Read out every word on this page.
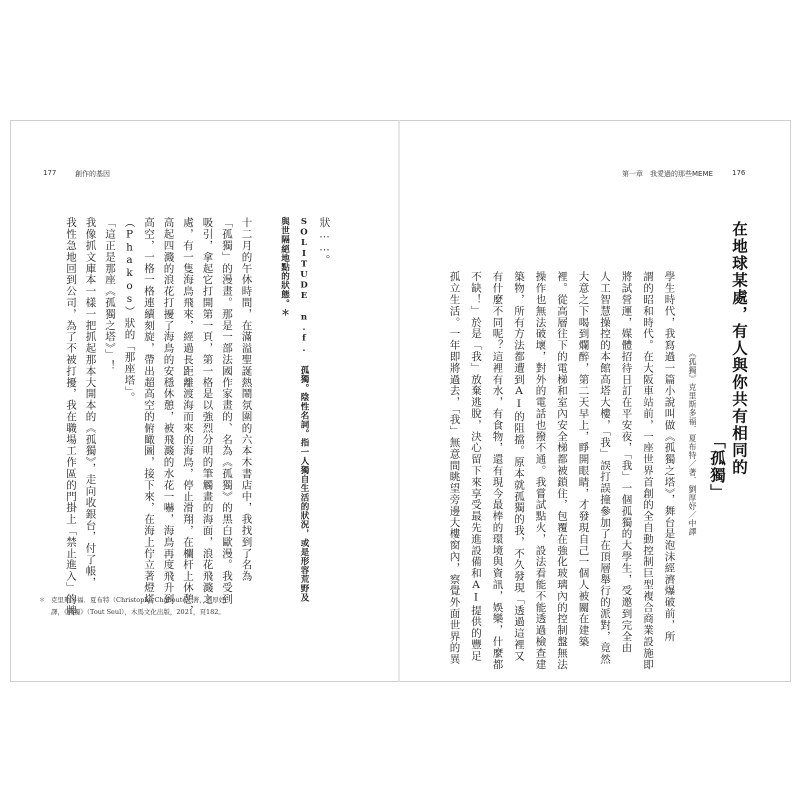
177	創作的基因
狀……。
SOLITUDE n.f. 孤獨。陰性名詞。指一人獨自生活的狀況，或是形容荒野及
與世隔絕地點的狀態。＊
十二月的午休時間，在滿溢聖誕熱鬧氛圍的六本木書店中，我找到了名為
「孤獨」的漫畫。那是一部法國作家畫的、名為《孤獨》的黑白歐漫。我受到
吸引，拿起它打開第一頁，第一格是以強烈分明的筆觸畫的海面，浪花飛濺之
處，有一隻海鳥飛來，經過長距離渡海而來的海鳥，停止滑翔，在欄杆上休憩，
高起四濺的浪花打擾了海鳥的安穩休憩，被飛濺的水花一嚇，海鳥再度飛升到
高空，一格一格連續刻旋，帶出超高空的俯瞰圖，接下來，在海上佇立著燈塔
（Phakos）狀的「那座塔」。
「這正是那座《孤獨之塔》」！
我像抓文庫本一樣一把抓起那本大開本的《孤獨》，走向收銀台，付了帳，
我性急地回到公司，為了不被打擾，我在職場工作區的門掛上「禁止進入」的牌
＊ 克里斯多福．夏布特（Christophe Chabouté）著，劉厚妤
譯，《孤獨》（Tout Seul），木馬文化出版，2021，頁182。
第一章 我愛過的那些MEME	176
在地球某處，有人與你共有相同的
「孤獨」
《孤獨》克里斯多福．夏布特／著．劉厚妤／中譯
學生時代，我寫過一篇小說叫做《孤獨之塔》，舞台是泡沫經濟爆破前，所
謂的昭和時代。在大阪車站前，一座世界首創的全自動控制巨型複合商業設施即
將試營運，媒體招待日訂在平安夜，「我」一個孤獨的大學生，受邀到完全由
人工智慧操控的本館高塔大樓，「我」誤打誤撞參加了在頂層舉行的派對，竟然
大意之下喝到爛醉，第二天早上，睜開眼睛，才發現自己一個人被關在建築
裡。從高層往下的電梯和室內安全梯都被鎖住，包覆在強化玻璃內的控制盤無法
操作也無法破壞，對外的電話也撥不通。我嘗試點火，設法看能不能透過檢查建
築物，所有方法都遭到AI的阻擋。原本就孤獨的我，不久發現「透過這裡又
有什麼不同呢？這裡有水，有食物，還有現今最棒的環境與資訊，娛樂，什麼都
不缺！」於是「我」放棄逃脫，決心留下來享受最先進設備和AI提供的豐足
孤立生活。一年即將過去，「我」無意間眺望旁邊大樓窗內，察覺外面世界的異
